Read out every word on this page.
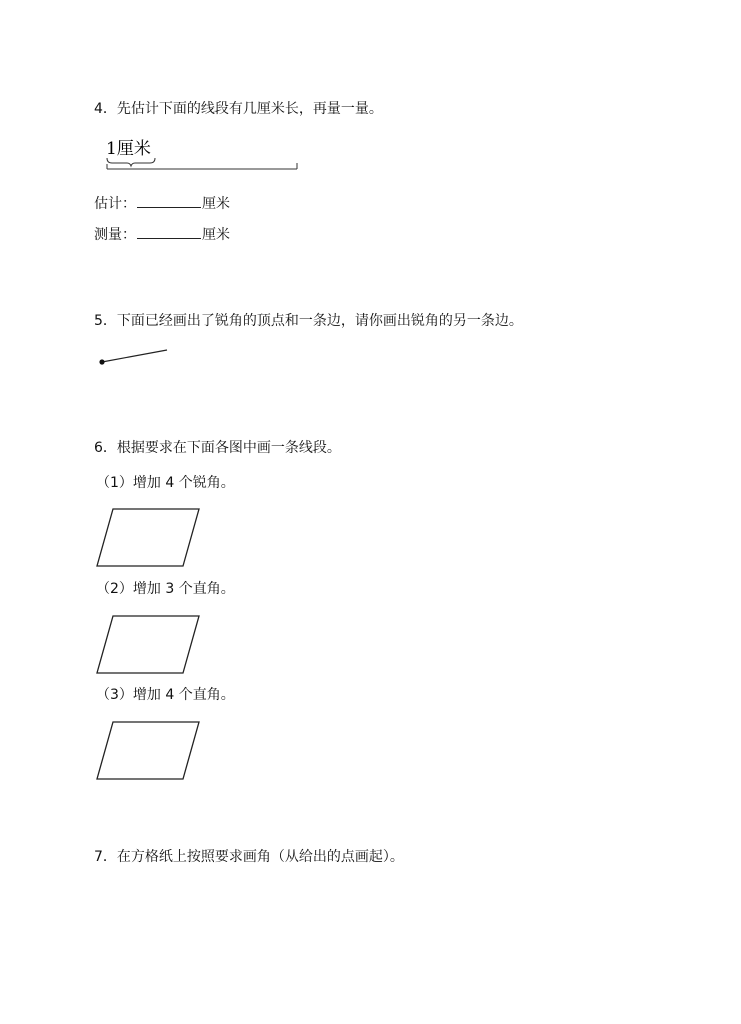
4．先估计下面的线段有几厘米长，再量一量。
1厘米
估计：	厘米
测量：	厘米
5．下面已经画出了锐角的顶点和一条边，请你画出锐角的另一条边。
6．根据要求在下面各图中画一条线段。
（1）增加 4 个锐角。
（2）增加 3 个直角。
（3）增加 4 个直角。
7．在方格纸上按照要求画角（从给出的点画起）。
